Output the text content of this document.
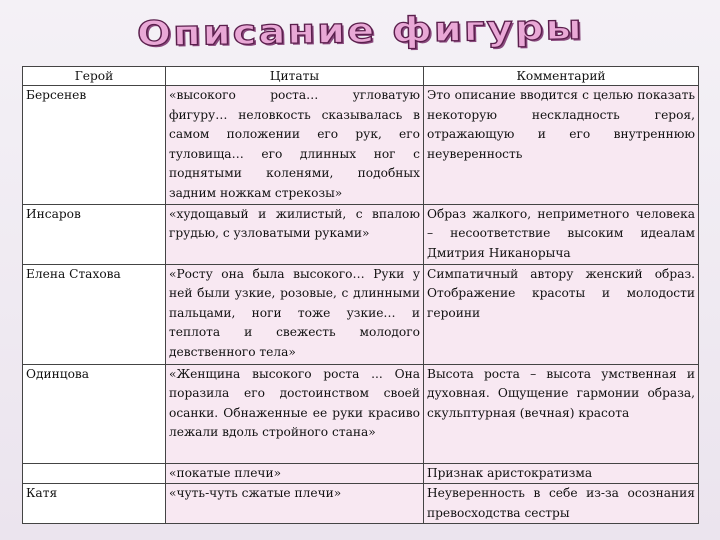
Описание фигуры
Герой	Цитаты	Комментарий
Берсенев	«высокого роста… угловатую фигуру… неловкость сказывалась в самом положении его рук, его туловища… его длинных ног с поднятыми коленями, подобных задним ножкам стрекозы»	Это описание вводится с целью показать некоторую нескладность героя, отражающую и его внутреннюю неуверенность
Инсаров	«худощавый и жилистый, с впалою грудью, с узловатыми руками»	Образ жалкого, неприметного человека – несоответствие высоким идеалам Дмитрия Никанорыча
Елена Стахова	«Росту она была высокого… Руки у ней были узкие, розовые, с длинными пальцами, ноги тоже узкие… и теплота и свежесть молодого девственного тела»	Симпатичный автору женский образ. Отображение красоты и молодости героини
Одинцова	«Женщина высокого роста ... Она поразила его достоинством своей осанки. Обнаженные ее руки красиво лежали вдоль стройного стана»	Высота роста – высота умственная и духовная. Ощущение гармонии образа, скульптурная (вечная) красота
	«покатые плечи»	Признак аристократизма
Катя	«чуть-чуть сжатые плечи»	Неуверенность в себе из-за осознания превосходства сестры
